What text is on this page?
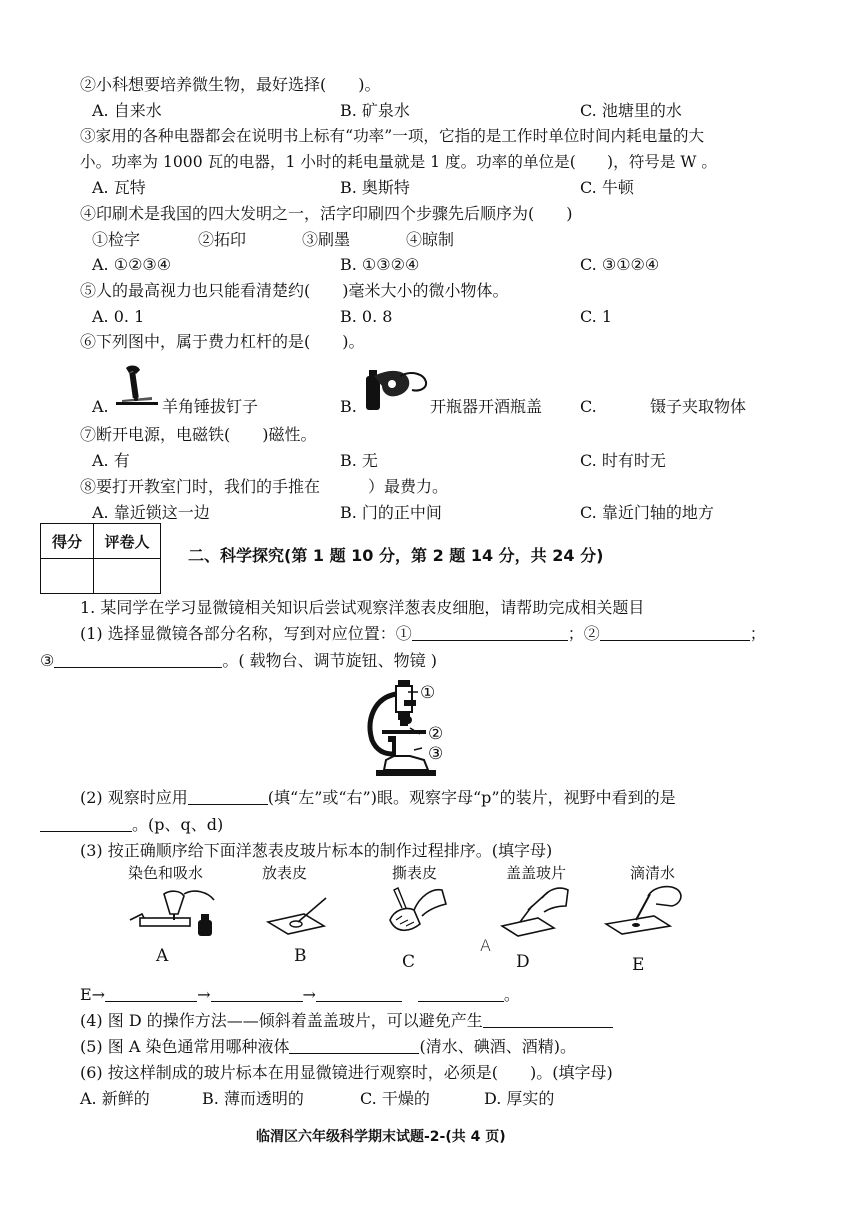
②小科想要培养微生物，最好选择(　　)。
A. 自来水	B. 矿泉水	C. 池塘里的水
③家用的各种电器都会在说明书上标有“功率”一项，它指的是工作时单位时间内耗电量的大
小。功率为 1000 瓦的电器，1 小时的耗电量就是 1 度。功率的单位是(　　)，符号是 W 。
A. 瓦特	B. 奥斯特	C. 牛顿
④印刷术是我国的四大发明之一，活字印刷四个步骤先后顺序为(　　)
①检字	②拓印	③刷墨	④晾制
A. ①②③④	B. ①③②④	C. ③①②④
⑤人的最高视力也只能看清楚约(　　)毫米大小的微小物体。
A. 0. 1	B. 0. 8	C. 1
⑥下列图中，属于费力杠杆的是(　　)。
A.	羊角锤拔钉子	B.	开瓶器开酒瓶盖 C.	镊子夹取物体
⑦断开电源，电磁铁(　　)磁性。
A. 有	B. 无	C. 时有时无
⑧要打开教室门时，我们的手推在　　　）最费力。
A. 靠近锁这一边	B. 门的正中间	C. 靠近门轴的地方
得分	评卷人

二、科学探究(第 1 题 10 分，第 2 题 14 分，共 24 分)
1. 某同学在学习显微镜相关知识后尝试观察洋葱表皮细胞，请帮助完成相关题目
(1) 选择显微镜各部分名称，写到对应位置：①	；②	；
③	。( 载物台、调节旋钮、物镜 )
①
②
③
(2) 观察时应用	(填“左”或“右”)眼。观察字母“p”的装片，视野中看到的是
。(p、q、d)
(3) 按正确顺序给下面洋葱表皮玻片标本的制作过程排序。(填字母)
染色和吸水	放表皮	撕表皮	盖盖玻片	滴清水
A	B	C
A
D	E
E→	→	→	。
(4) 图 D 的操作方法——倾斜着盖盖玻片，可以避免产生
(5) 图 A 染色通常用哪种液体	(清水、碘酒、酒精)。
(6) 按这样制成的玻片标本在用显微镜进行观察时，必须是(　　)。(填字母)
A. 新鲜的	B. 薄而透明的	C. 干燥的	D. 厚实的
临渭区六年级科学期末试题-2-(共 4 页)
